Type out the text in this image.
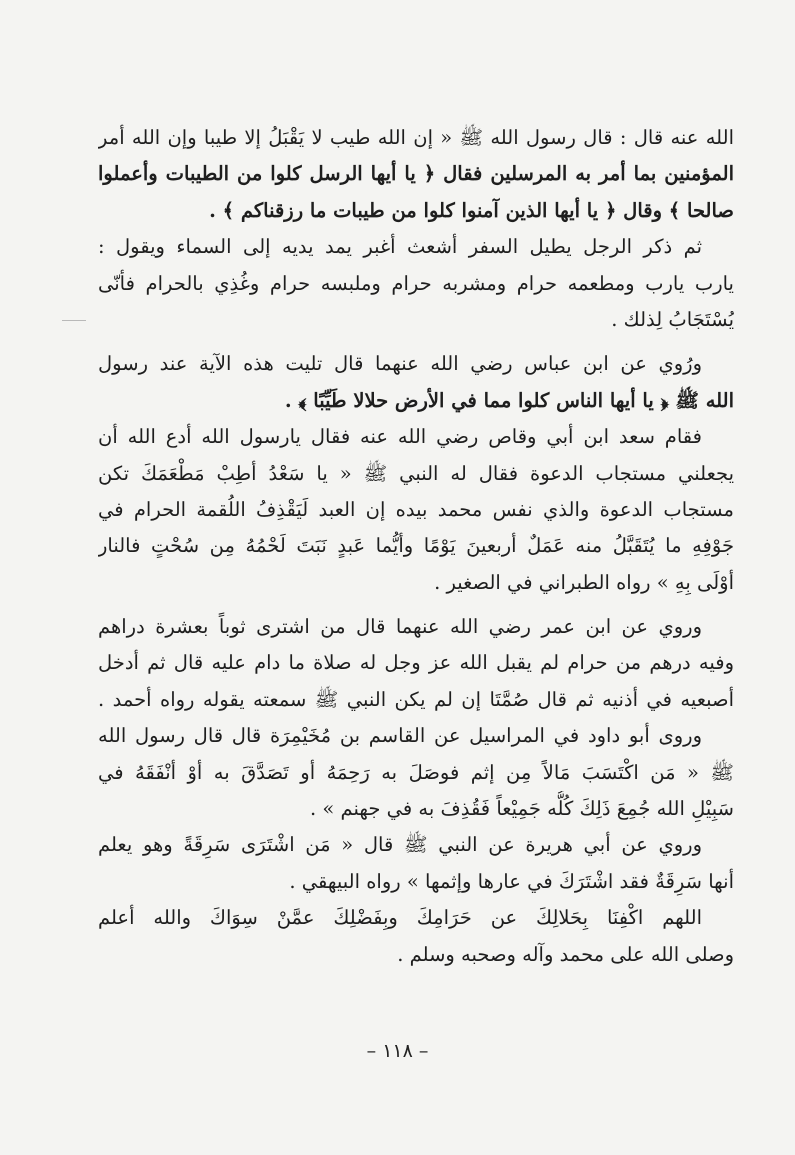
الله عنه قال : قال رسول الله ﷺ « إن الله طيب لا يَقْبَلُ إلا طيبا وإن الله أمر
المؤمنين بما أمر به المرسلين فقال ﴿ يا أيها الرسل كلوا من الطيبات وأعملوا
صالحا ﴾ وقال ﴿ يا أيها الذين آمنوا كلوا من طيبات ما رزقناكم ﴾ .
ثم ذكر الرجل يطيل السفر أشعث أغبر يمد يديه إلى السماء ويقول :
يارب يارب ومطعمه حرام ومشربه حرام وملبسه حرام وغُذِي بالحرام فأنّى
يُسْتَجَابُ لِذلك .
ورُوي عن ابن عباس رضي الله عنهما قال تليت هذه الآية عند رسول
الله ﷺ ﴿ يا أيها الناس كلوا مما في الأرض حلالا طَيِّبًا ﴾ .
فقام سعد ابن أبي وقاص رضي الله عنه فقال يارسول الله أدع الله أن
يجعلني مستجاب الدعوة فقال له النبي ﷺ « يا سَعْدُ أطِبْ مَطْعَمَكَ تكن
مستجاب الدعوة والذي نفس محمد بيده إن العبد لَيَقْذِفُ اللُقمة الحرام في
جَوْفِهِ ما يُتَقَبَّلُ منه عَمَلٌ أربعينَ يَوْمًا وأيُّما عَبدٍ نَبَتَ لَحْمُهُ مِن سُحْتٍ فالنار
أوْلَى بِهِ » رواه الطبراني في الصغير .
وروي عن ابن عمر رضي الله عنهما قال من اشترى ثوباً بعشرة دراهم
وفيه درهم من حرام لم يقبل الله عز وجل له صلاة ما دام عليه قال ثم أدخل
أصبعيه في أذنيه ثم قال صُمَّتَا إن لم يكن النبي ﷺ سمعته يقوله رواه أحمد .
وروى أبو داود في المراسيل عن القاسم بن مُخَيْمِرَة قال قال رسول الله
ﷺ « مَن اكْتَسَبَ مَالاً مِن إثم فوصَلَ به رَحِمَهُ أو تَصَدَّقَ به أوْ أنْفَقَهُ في
سَبِيْلِ الله جُمِعَ ذَلِكَ كُلُّه جَمِيْعاً فَقُذِفَ به في جهنم » .
وروي عن أبي هريرة عن النبي ﷺ قال « مَن اشْتَرَى سَرِقَةً وهو يعلم
أنها سَرِقَةٌ فقد اشْتَرَكَ في عارها وإثمها » رواه البيهقي .
اللهم اكْفِنَا بِحَلالِكَ عن حَرَامِكَ وبِفَضْلِكَ عمَّنْ سِوَاكَ والله أعلم
وصلى الله على محمد وآله وصحبه وسلم .
– ١١٨ –
